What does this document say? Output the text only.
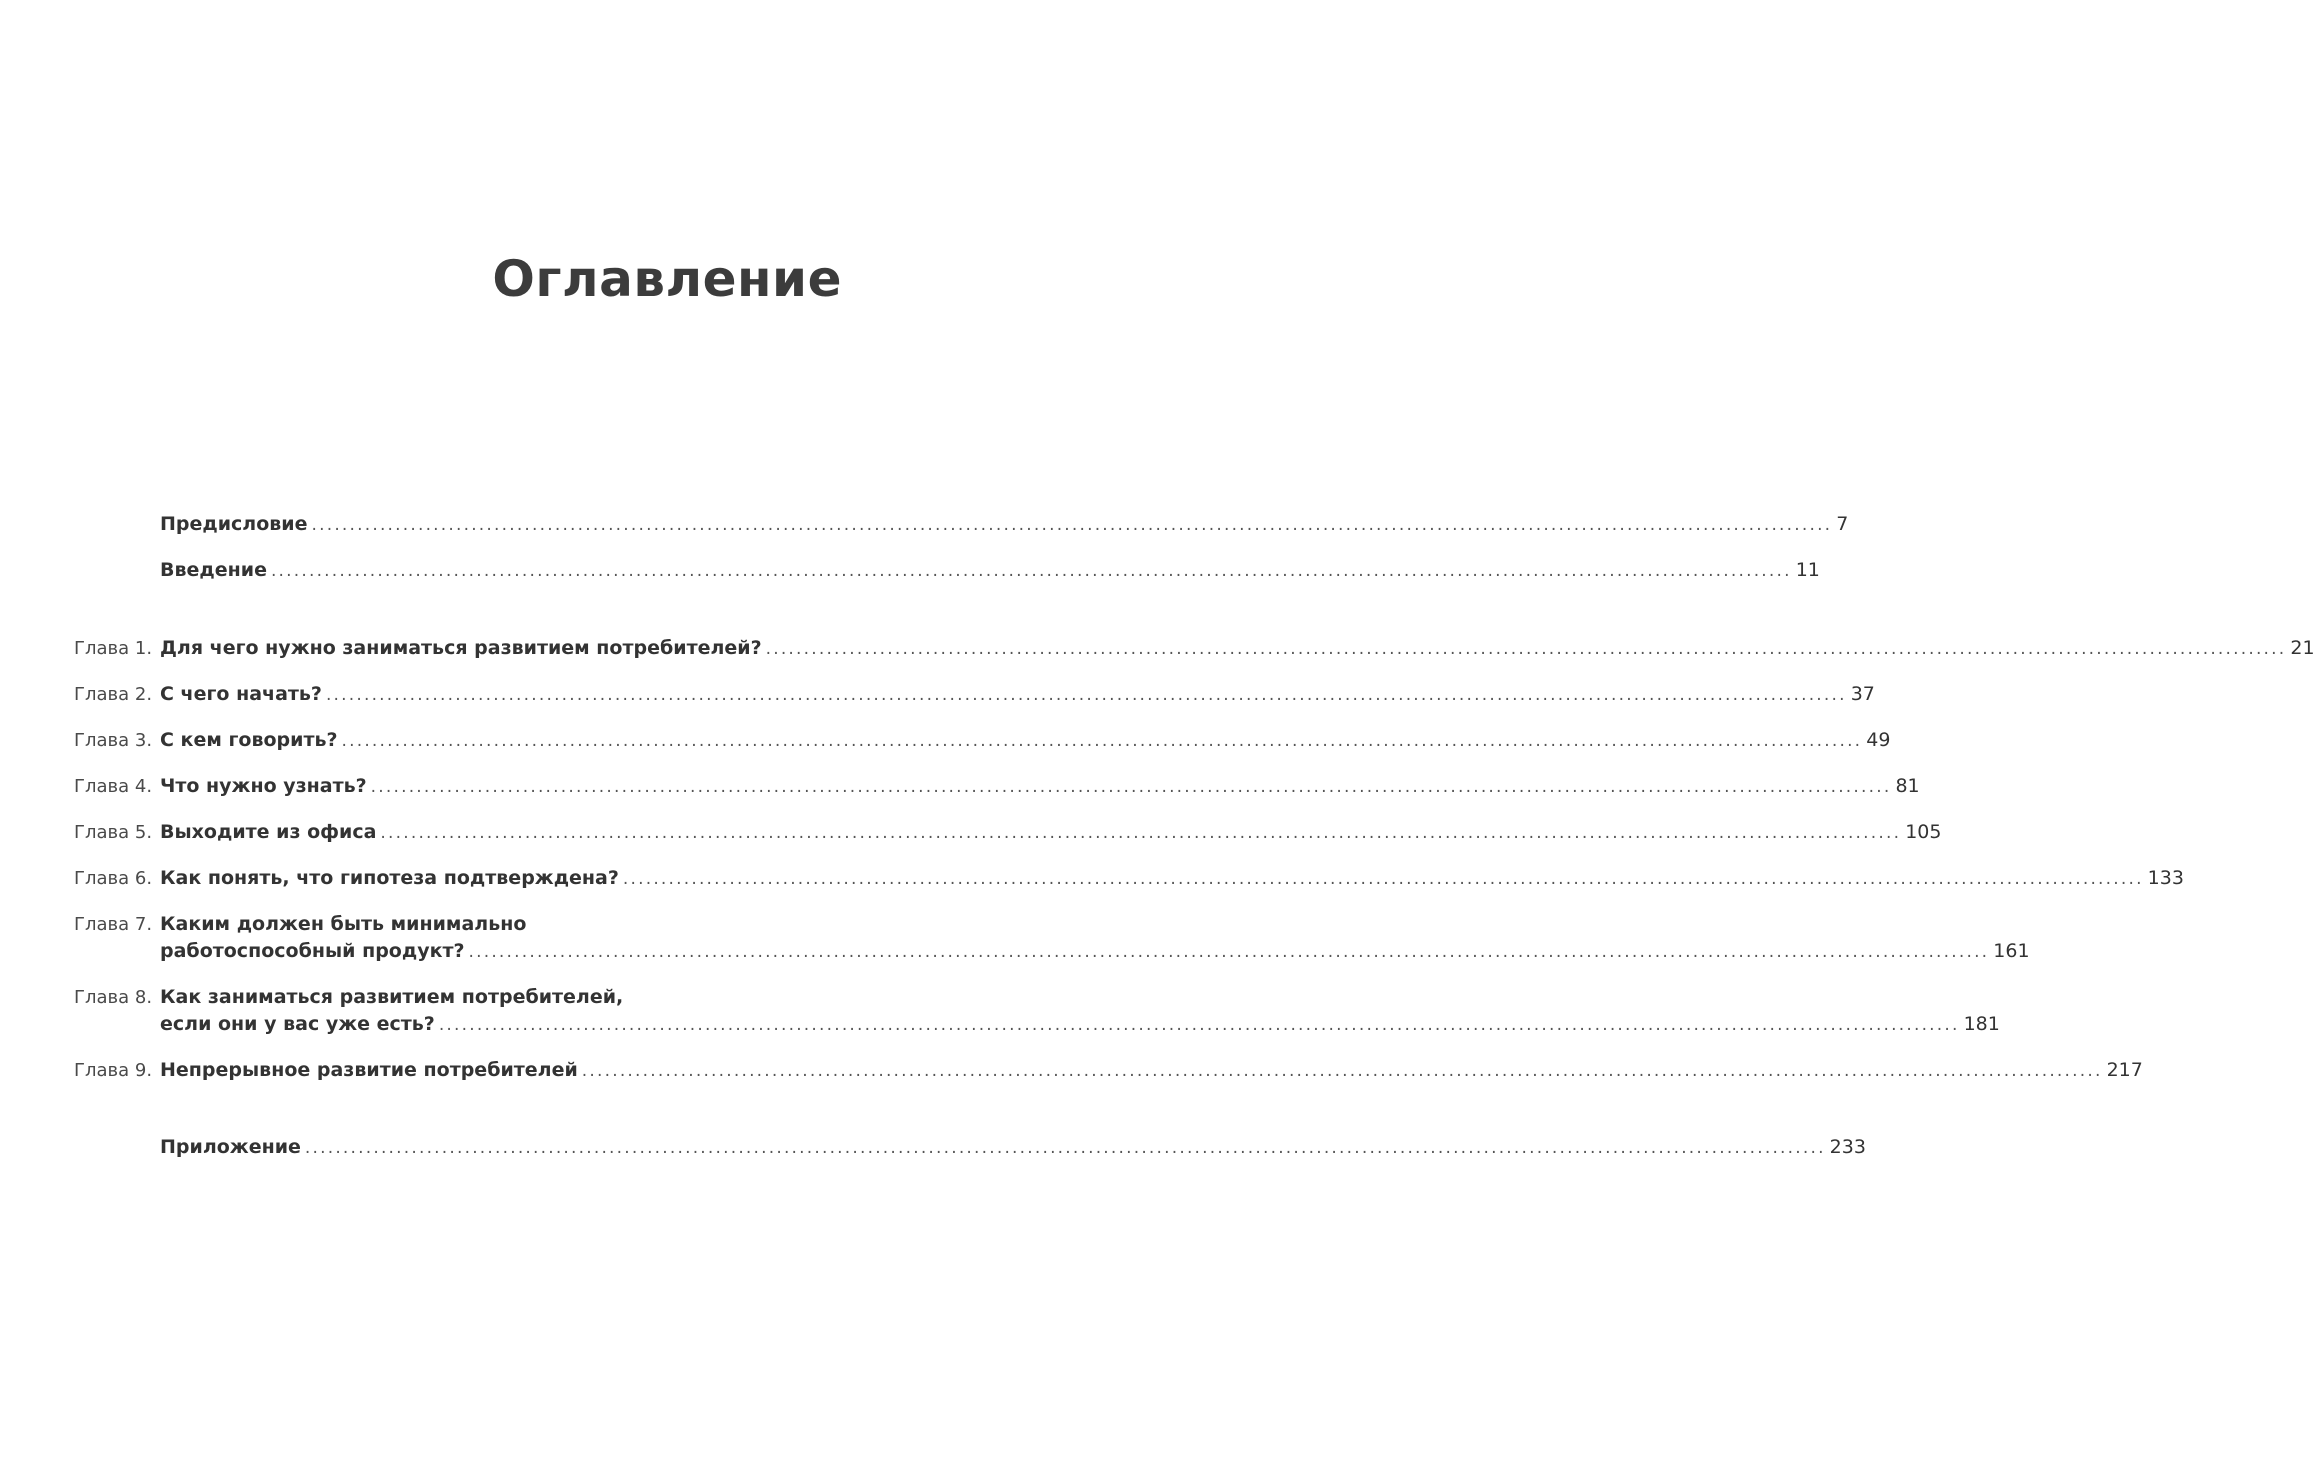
Оглавление
Предисловие ........................................................................................................................................................................................................ 7
Введение ........................................................................................................................................................................................................ 11
Глава 1. Для чего нужно заниматься развитием потребителей? ........................................................................................................................................................................................................ 21
Глава 2. С чего начать? ........................................................................................................................................................................................................ 37
Глава 3. С кем говорить? ........................................................................................................................................................................................................ 49
Глава 4. Что нужно узнать? ........................................................................................................................................................................................................ 81
Глава 5. Выходите из офиса ........................................................................................................................................................................................................ 105
Глава 6. Как понять, что гипотеза подтверждена? ........................................................................................................................................................................................................ 133
Глава 7. Каким должен быть минимально
работоспособный продукт? ........................................................................................................................................................................................................ 161
Глава 8. Как заниматься развитием потребителей,
если они у вас уже есть? ........................................................................................................................................................................................................ 181
Глава 9. Непрерывное развитие потребителей ........................................................................................................................................................................................................ 217
Приложение ........................................................................................................................................................................................................ 233
